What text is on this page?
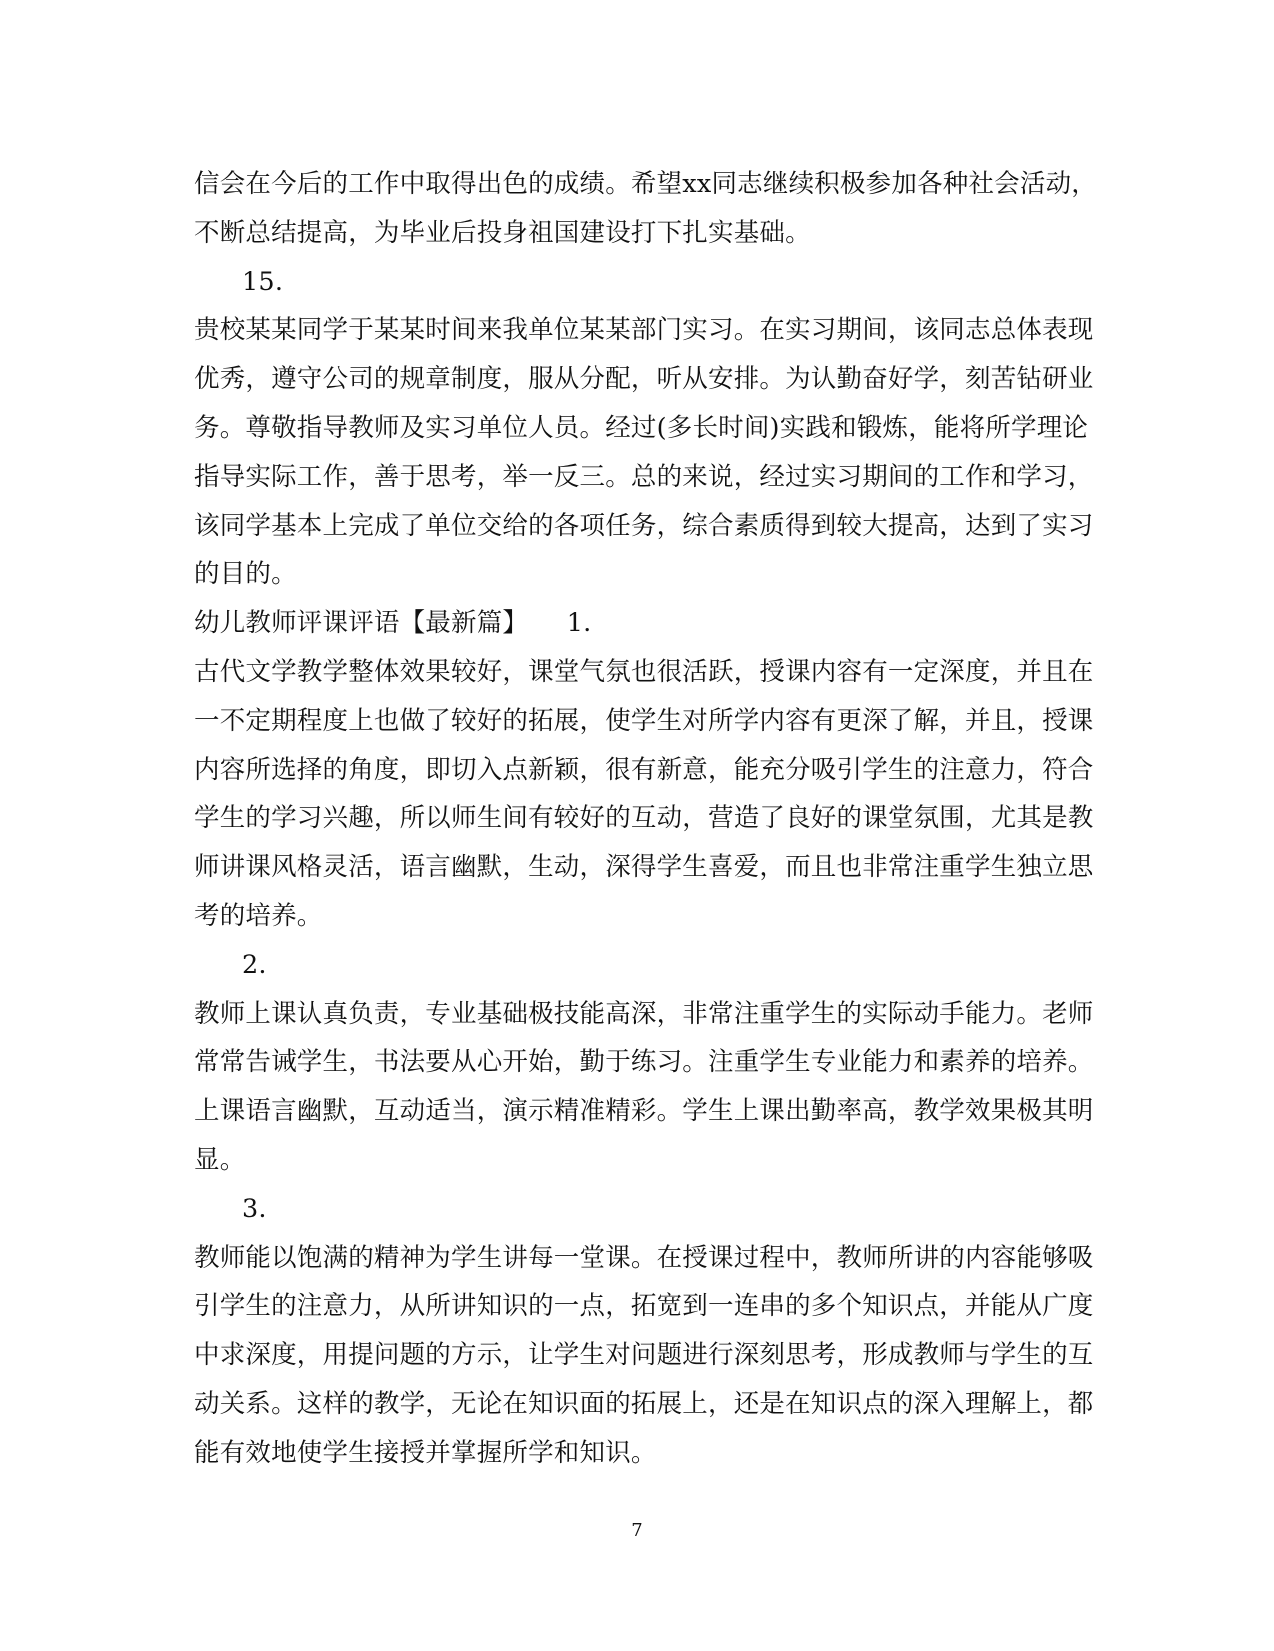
信会在今后的工作中取得出色的成绩。希望xx同志继续积极参加各种社会活动，
不断总结提高，为毕业后投身祖国建设打下扎实基础。
15.
贵校某某同学于某某时间来我单位某某部门实习。在实习期间，该同志总体表现
优秀，遵守公司的规章制度，服从分配，听从安排。为认勤奋好学，刻苦钻研业
务。尊敬指导教师及实习单位人员。经过(多长时间)实践和锻炼，能将所学理论
指导实际工作，善于思考，举一反三。总的来说，经过实习期间的工作和学习，
该同学基本上完成了单位交给的各项任务，综合素质得到较大提高，达到了实习
的目的。
幼儿教师评课评语【最新篇】　　1.
古代文学教学整体效果较好，课堂气氛也很活跃，授课内容有一定深度，并且在
一不定期程度上也做了较好的拓展，使学生对所学内容有更深了解，并且，授课
内容所选择的角度，即切入点新颖，很有新意，能充分吸引学生的注意力，符合
学生的学习兴趣，所以师生间有较好的互动，营造了良好的课堂氛围，尤其是教
师讲课风格灵活，语言幽默，生动，深得学生喜爱，而且也非常注重学生独立思
考的培养。
2.
教师上课认真负责，专业基础极技能高深，非常注重学生的实际动手能力。老师
常常告诫学生，书法要从心开始，勤于练习。注重学生专业能力和素养的培养。
上课语言幽默，互动适当，演示精准精彩。学生上课出勤率高，教学效果极其明
显。
3.
教师能以饱满的精神为学生讲每一堂课。在授课过程中，教师所讲的内容能够吸
引学生的注意力，从所讲知识的一点，拓宽到一连串的多个知识点，并能从广度
中求深度，用提问题的方示，让学生对问题进行深刻思考，形成教师与学生的互
动关系。这样的教学，无论在知识面的拓展上，还是在知识点的深入理解上，都
能有效地使学生接授并掌握所学和知识。
7
